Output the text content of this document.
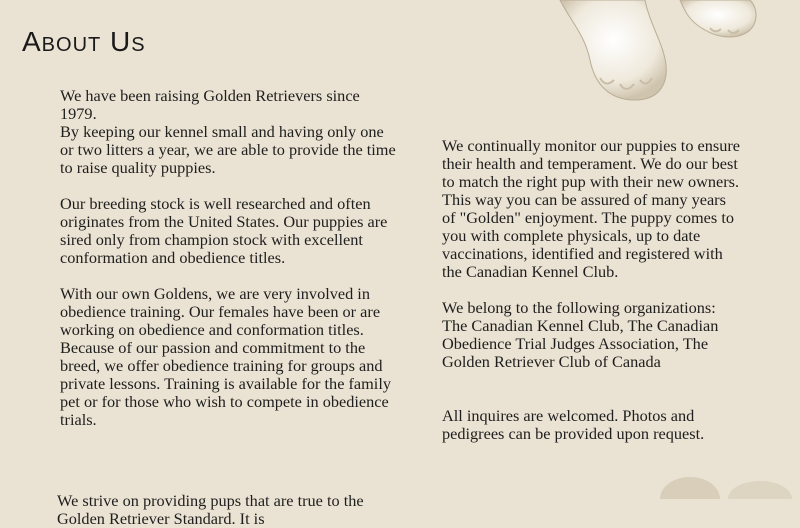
About Us

We have been raising Golden Retrievers since 1979.

By keeping our kennel small and having only one or two litters a year, we are able to provide the time to raise quality puppies.

Our breeding stock is well researched and often originates from the United States. Our puppies are sired only from champion stock with excellent conformation and obedience titles.

With our own Goldens, we are very involved in obedience training. Our females have been or are working on obedience and conformation titles. Because of our passion and commitment to the breed, we offer obedience training for groups and private lessons. Training is available for the family pet or for those who wish to compete in obedience trials.

We strive on providing pups that are true to the Golden Retriever Standard. It is

We continually monitor our puppies to ensure their health and temperament. We do our best to match the right pup with their new owners. This way you can be assured of many years of "Golden" enjoyment. The puppy comes to you with complete physicals, up to date vaccinations, identified and registered with the Canadian Kennel Club.

We belong to the following organizations: The Canadian Kennel Club, The Canadian Obedience Trial Judges Association, The Golden Retriever Club of Canada

All inquires are welcomed. Photos and pedigrees can be provided upon request.
